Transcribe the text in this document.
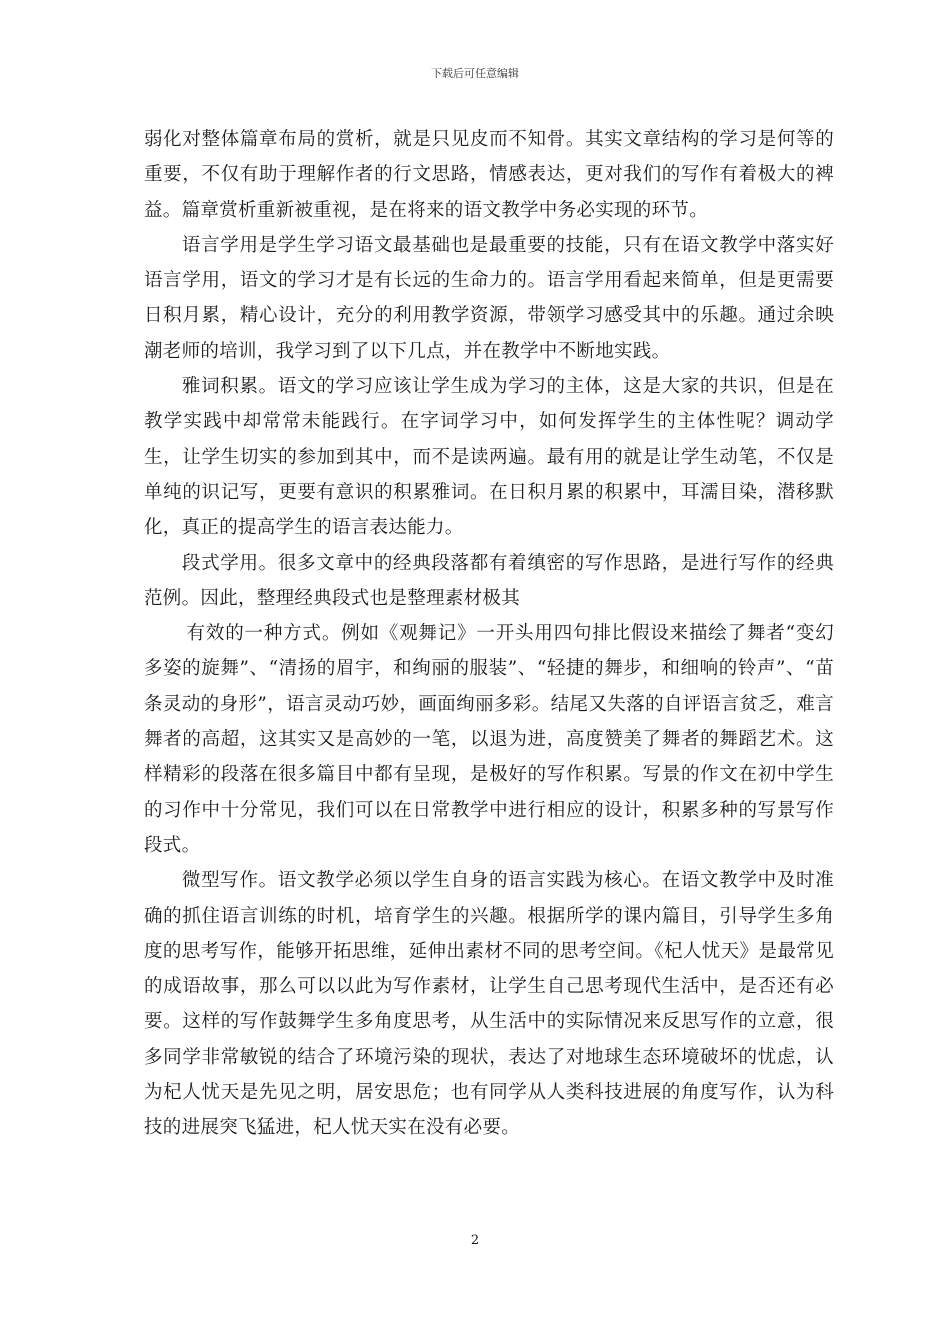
下载后可任意编辑

弱化对整体篇章布局的赏析，就是只见皮而不知骨。其实文章结构的学习是何等的重要，不仅有助于理解作者的行文思路，情感表达，更对我们的写作有着极大的裨益。篇章赏析重新被重视，是在将来的语文教学中务必实现的环节。

语言学用是学生学习语文最基础也是最重要的技能，只有在语文教学中落实好语言学用，语文的学习才是有长远的生命力的。语言学用看起来简单，但是更需要日积月累，精心设计，充分的利用教学资源，带领学习感受其中的乐趣。通过余映潮老师的培训，我学习到了以下几点，并在教学中不断地实践。

雅词积累。语文的学习应该让学生成为学习的主体，这是大家的共识，但是在教学实践中却常常未能践行。在字词学习中，如何发挥学生的主体性呢？调动学生，让学生切实的参加到其中，而不是读两遍。最有用的就是让学生动笔，不仅是单纯的识记写，更要有意识的积累雅词。在日积月累的积累中，耳濡目染，潜移默化，真正的提高学生的语言表达能力。

段式学用。很多文章中的经典段落都有着缜密的写作思路，是进行写作的经典范例。因此，整理经典段式也是整理素材极其

有效的一种方式。例如《观舞记》一开头用四句排比假设来描绘了舞者“变幻多姿的旋舞”、“清扬的眉宇，和绚丽的服装”、“轻捷的舞步，和细响的铃声”、“苗条灵动的身形”，语言灵动巧妙，画面绚丽多彩。结尾又失落的自评语言贫乏，难言舞者的高超，这其实又是高妙的一笔，以退为进，高度赞美了舞者的舞蹈艺术。这样精彩的段落在很多篇目中都有呈现，是极好的写作积累。写景的作文在初中学生的习作中十分常见，我们可以在日常教学中进行相应的设计，积累多种的写景写作段式。

微型写作。语文教学必须以学生自身的语言实践为核心。在语文教学中及时准确的抓住语言训练的时机，培育学生的兴趣。根据所学的课内篇目，引导学生多角度的思考写作，能够开拓思维，延伸出素材不同的思考空间。《杞人忧天》是最常见的成语故事，那么可以以此为写作素材，让学生自己思考现代生活中，是否还有必要。这样的写作鼓舞学生多角度思考，从生活中的实际情况来反思写作的立意，很多同学非常敏锐的结合了环境污染的现状，表达了对地球生态环境破坏的忧虑，认为杞人忧天是先见之明，居安思危；也有同学从人类科技进展的角度写作，认为科技的进展突飞猛进，杞人忧天实在没有必要。

2
